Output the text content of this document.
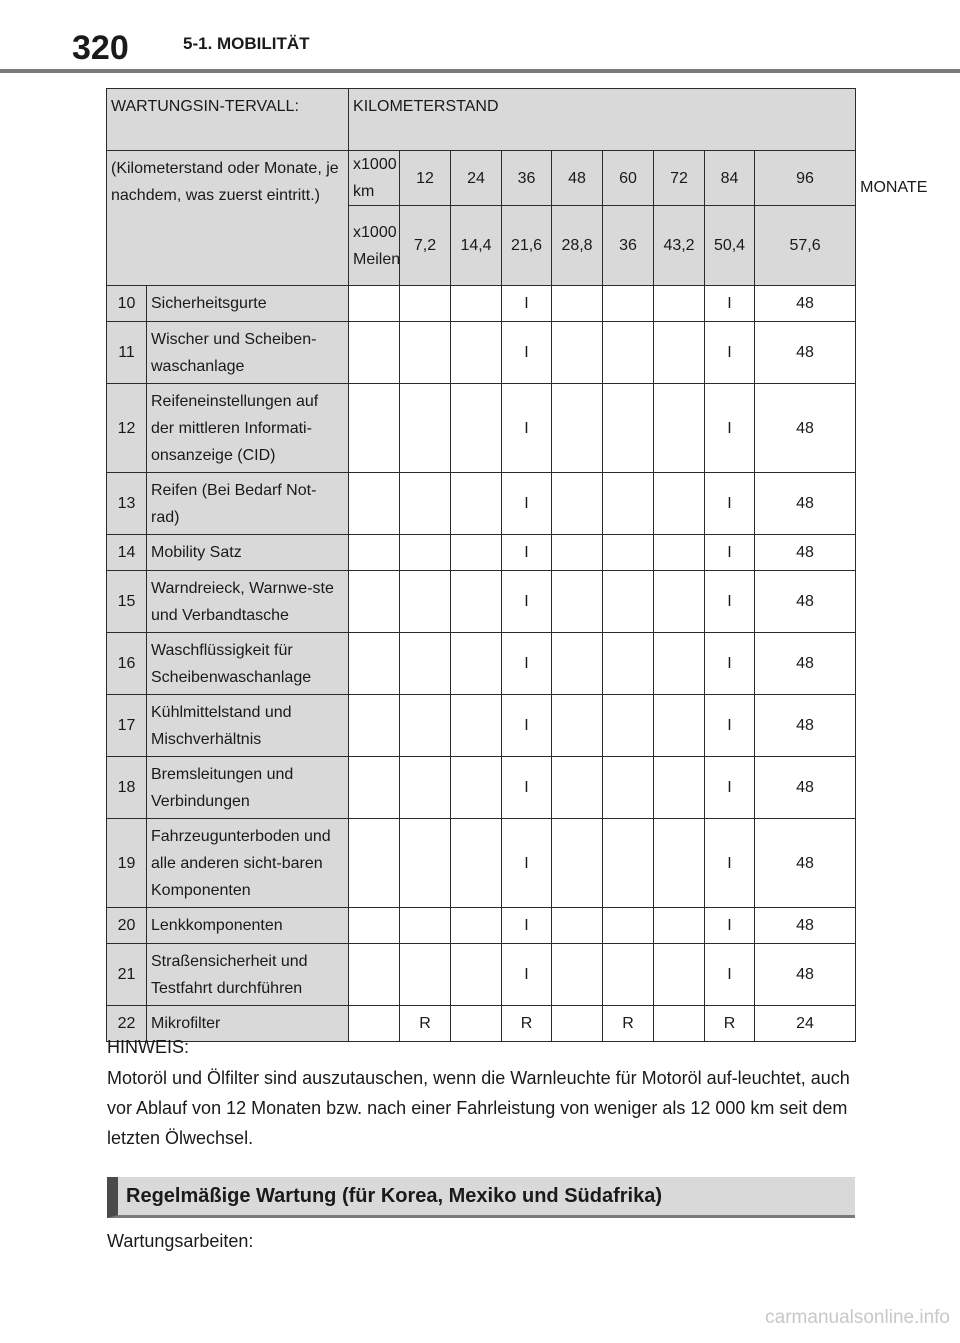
320	5-1. MOBILITÄT
WARTUNGSIN-TERVALL:		KILOMETERSTAND									MONATE
(Kilometerstand oder Monate, je nachdem, was zuerst eintritt.)		x1000 km	12	24	36	48	60	72	84	96	
		x1000 Meilen	7,2	14,4	21,6	28,8	36	43,2	50,4	57,6	
10	Sicherheitsgurte				I				I	48	
11	Wischer und Scheiben-waschanlage				I				I	48	
12	Reifeneinstellungen auf der mittleren Informati-onsanzeige (CID)				I				I	48	
13	Reifen (Bei Bedarf Not-rad)				I				I	48	
14	Mobility Satz				I				I	48	
15	Warndreieck, Warnwe-ste und Verbandtasche				I				I	48	
16	Waschflüssigkeit für Scheibenwaschanlage				I				I	48	
17	Kühlmittelstand und Mischverhältnis				I				I	48	
18	Bremsleitungen und Verbindungen				I				I	48	
19	Fahrzeugunterboden und alle anderen sicht-baren Komponenten				I				I	48	
20	Lenkkomponenten				I				I	48	
21	Straßensicherheit und Testfahrt durchführen				I				I	48	
22	Mikrofilter		R		R		R		R	24	
HINWEIS:
Motoröl und Ölfilter sind auszutauschen, wenn die Warnleuchte für Motoröl auf-leuchtet, auch vor Ablauf von 12 Monaten bzw. nach einer Fahrleistung von weniger als 12 000 km seit dem letzten Ölwechsel.
Regelmäßige Wartung (für Korea, Mexiko und Südafrika)
Wartungsarbeiten:
carmanualsonline.info
